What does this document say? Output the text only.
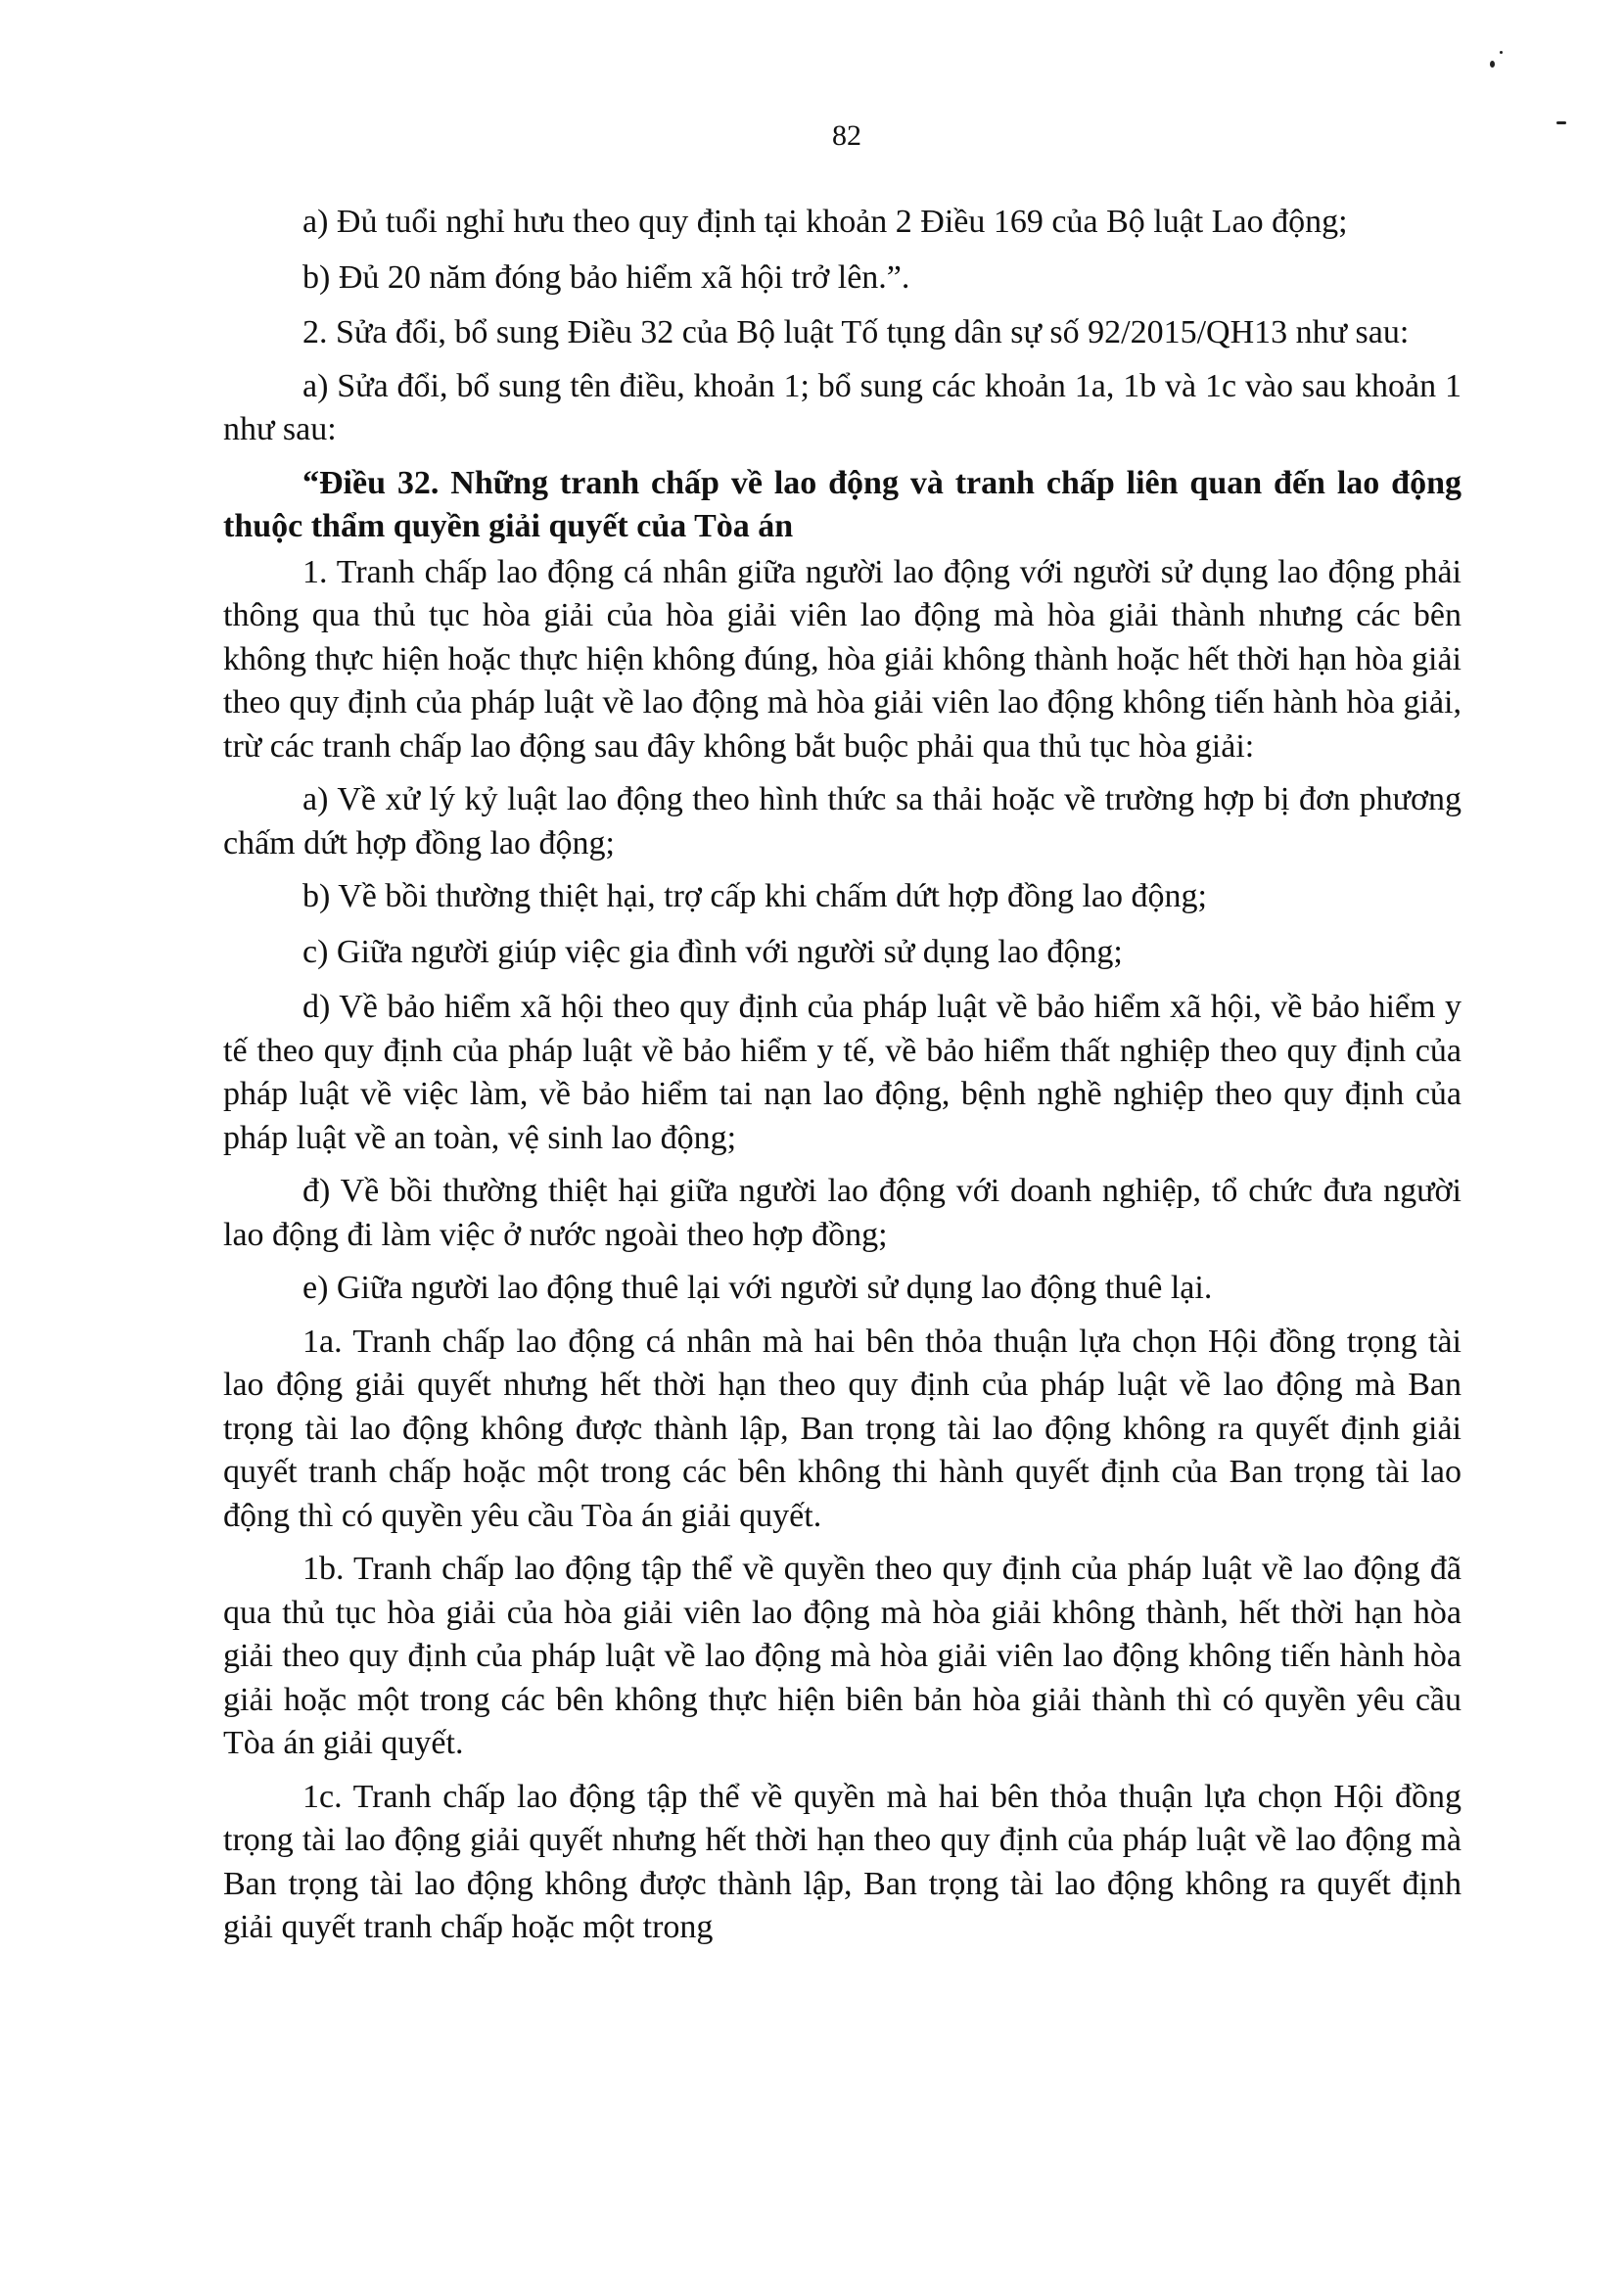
82

a) Đủ tuổi nghỉ hưu theo quy định tại khoản 2 Điều 169 của Bộ luật Lao động;

b) Đủ 20 năm đóng bảo hiểm xã hội trở lên.”.

2. Sửa đổi, bổ sung Điều 32 của Bộ luật Tố tụng dân sự số 92/2015/QH13 như sau:

a) Sửa đổi, bổ sung tên điều, khoản 1; bổ sung các khoản 1a, 1b và 1c vào sau khoản 1 như sau:

“Điều 32. Những tranh chấp về lao động và tranh chấp liên quan đến lao động thuộc thẩm quyền giải quyết của Tòa án

1. Tranh chấp lao động cá nhân giữa người lao động với người sử dụng lao động phải thông qua thủ tục hòa giải của hòa giải viên lao động mà hòa giải thành nhưng các bên không thực hiện hoặc thực hiện không đúng, hòa giải không thành hoặc hết thời hạn hòa giải theo quy định của pháp luật về lao động mà hòa giải viên lao động không tiến hành hòa giải, trừ các tranh chấp lao động sau đây không bắt buộc phải qua thủ tục hòa giải:

a) Về xử lý kỷ luật lao động theo hình thức sa thải hoặc về trường hợp bị đơn phương chấm dứt hợp đồng lao động;

b) Về bồi thường thiệt hại, trợ cấp khi chấm dứt hợp đồng lao động;

c) Giữa người giúp việc gia đình với người sử dụng lao động;

d) Về bảo hiểm xã hội theo quy định của pháp luật về bảo hiểm xã hội, về bảo hiểm y tế theo quy định của pháp luật về bảo hiểm y tế, về bảo hiểm thất nghiệp theo quy định của pháp luật về việc làm, về bảo hiểm tai nạn lao động, bệnh nghề nghiệp theo quy định của pháp luật về an toàn, vệ sinh lao động;

đ) Về bồi thường thiệt hại giữa người lao động với doanh nghiệp, tổ chức đưa người lao động đi làm việc ở nước ngoài theo hợp đồng;

e) Giữa người lao động thuê lại với người sử dụng lao động thuê lại.

1a. Tranh chấp lao động cá nhân mà hai bên thỏa thuận lựa chọn Hội đồng trọng tài lao động giải quyết nhưng hết thời hạn theo quy định của pháp luật về lao động mà Ban trọng tài lao động không được thành lập, Ban trọng tài lao động không ra quyết định giải quyết tranh chấp hoặc một trong các bên không thi hành quyết định của Ban trọng tài lao động thì có quyền yêu cầu Tòa án giải quyết.

1b. Tranh chấp lao động tập thể về quyền theo quy định của pháp luật về lao động đã qua thủ tục hòa giải của hòa giải viên lao động mà hòa giải không thành, hết thời hạn hòa giải theo quy định của pháp luật về lao động mà hòa giải viên lao động không tiến hành hòa giải hoặc một trong các bên không thực hiện biên bản hòa giải thành thì có quyền yêu cầu Tòa án giải quyết.

1c. Tranh chấp lao động tập thể về quyền mà hai bên thỏa thuận lựa chọn Hội đồng trọng tài lao động giải quyết nhưng hết thời hạn theo quy định của pháp luật về lao động mà Ban trọng tài lao động không được thành lập, Ban trọng tài lao động không ra quyết định giải quyết tranh chấp hoặc một trong
